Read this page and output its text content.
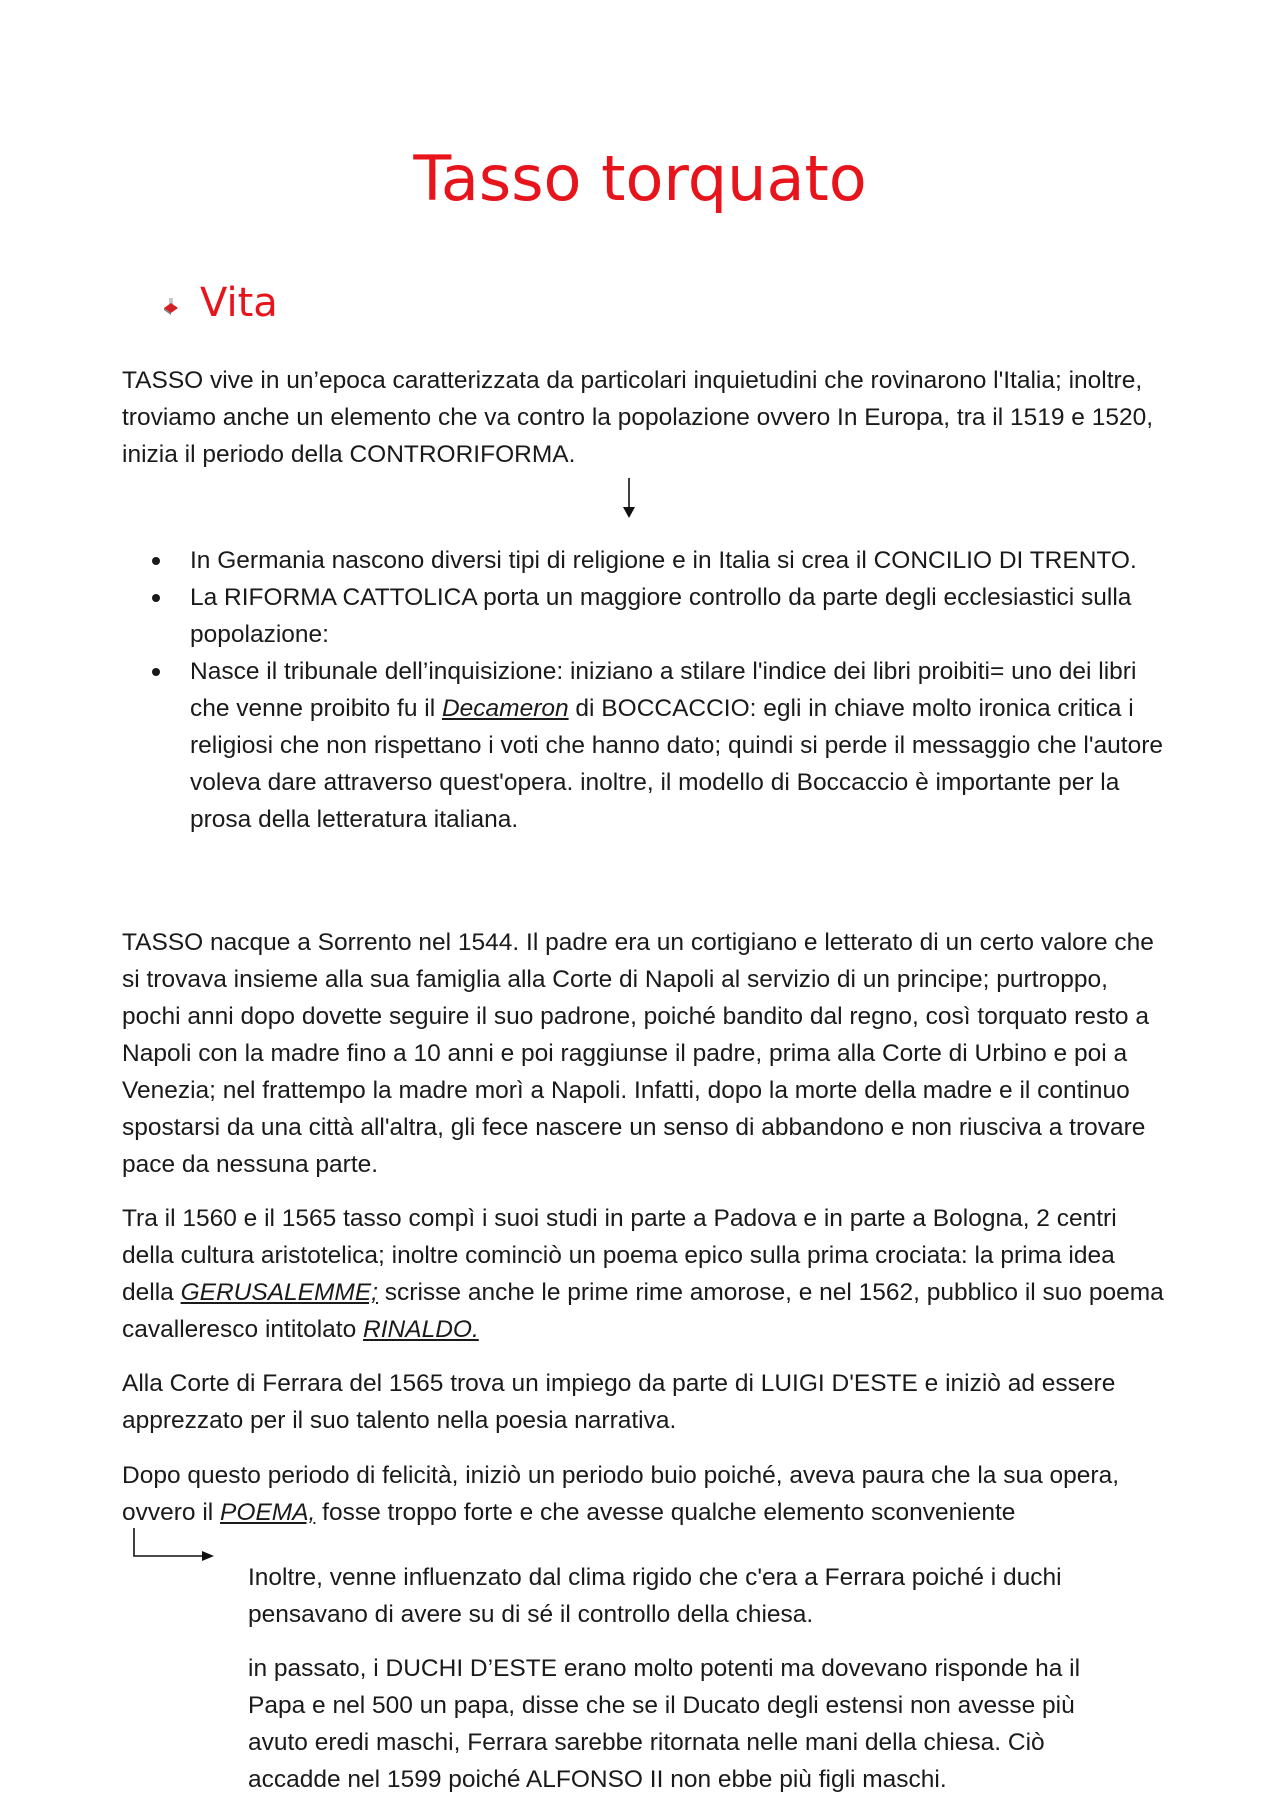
Tasso torquato
Vita

TASSO vive in un’epoca caratterizzata da particolari inquietudini che rovinarono l'Italia; inoltre, troviamo anche un elemento che va contro la popolazione ovvero In Europa, tra il 1519 e 1520, inizia il periodo della CONTRORIFORMA.

In Germania nascono diversi tipi di religione e in Italia si crea il CONCILIO DI TRENTO.
La RIFORMA CATTOLICA porta un maggiore controllo da parte degli ecclesiastici sulla popolazione:
Nasce il tribunale dell’inquisizione: iniziano a stilare l'indice dei libri proibiti= uno dei libri che venne proibito fu il Decameron di BOCCACCIO: egli in chiave molto ironica critica i religiosi che non rispettano i voti che hanno dato; quindi si perde il messaggio che l'autore voleva dare attraverso quest'opera. inoltre, il modello di Boccaccio è importante per la prosa della letteratura italiana.

TASSO nacque a Sorrento nel 1544. Il padre era un cortigiano e letterato di un certo valore che si trovava insieme alla sua famiglia alla Corte di Napoli al servizio di un principe; purtroppo, pochi anni dopo dovette seguire il suo padrone, poiché bandito dal regno, così torquato resto a Napoli con la madre fino a 10 anni e poi raggiunse il padre, prima alla Corte di Urbino e poi a Venezia; nel frattempo la madre morì a Napoli. Infatti, dopo la morte della madre e il continuo spostarsi da una città all'altra, gli fece nascere un senso di abbandono e non riusciva a trovare pace da nessuna parte.

Tra il 1560 e il 1565 tasso compì i suoi studi in parte a Padova e in parte a Bologna, 2 centri della cultura aristotelica; inoltre cominciò un poema epico sulla prima crociata: la prima idea della GERUSALEMME; scrisse anche le prime rime amorose, e nel 1562, pubblico il suo poema cavalleresco intitolato RINALDO.

Alla Corte di Ferrara del 1565 trova un impiego da parte di LUIGI D'ESTE e iniziò ad essere apprezzato per il suo talento nella poesia narrativa.

Dopo questo periodo di felicità, iniziò un periodo buio poiché, aveva paura che la sua opera, ovvero il POEMA, fosse troppo forte e che avesse qualche elemento sconveniente

Inoltre, venne influenzato dal clima rigido che c'era a Ferrara poiché i duchi pensavano di avere su di sé il controllo della chiesa.

in passato, i DUCHI D’ESTE erano molto potenti ma dovevano risponde ha il Papa e nel 500 un papa, disse che se il Ducato degli estensi non avesse più avuto eredi maschi, Ferrara sarebbe ritornata nelle mani della chiesa. Ciò accadde nel 1599 poiché ALFONSO II non ebbe più figli maschi.
